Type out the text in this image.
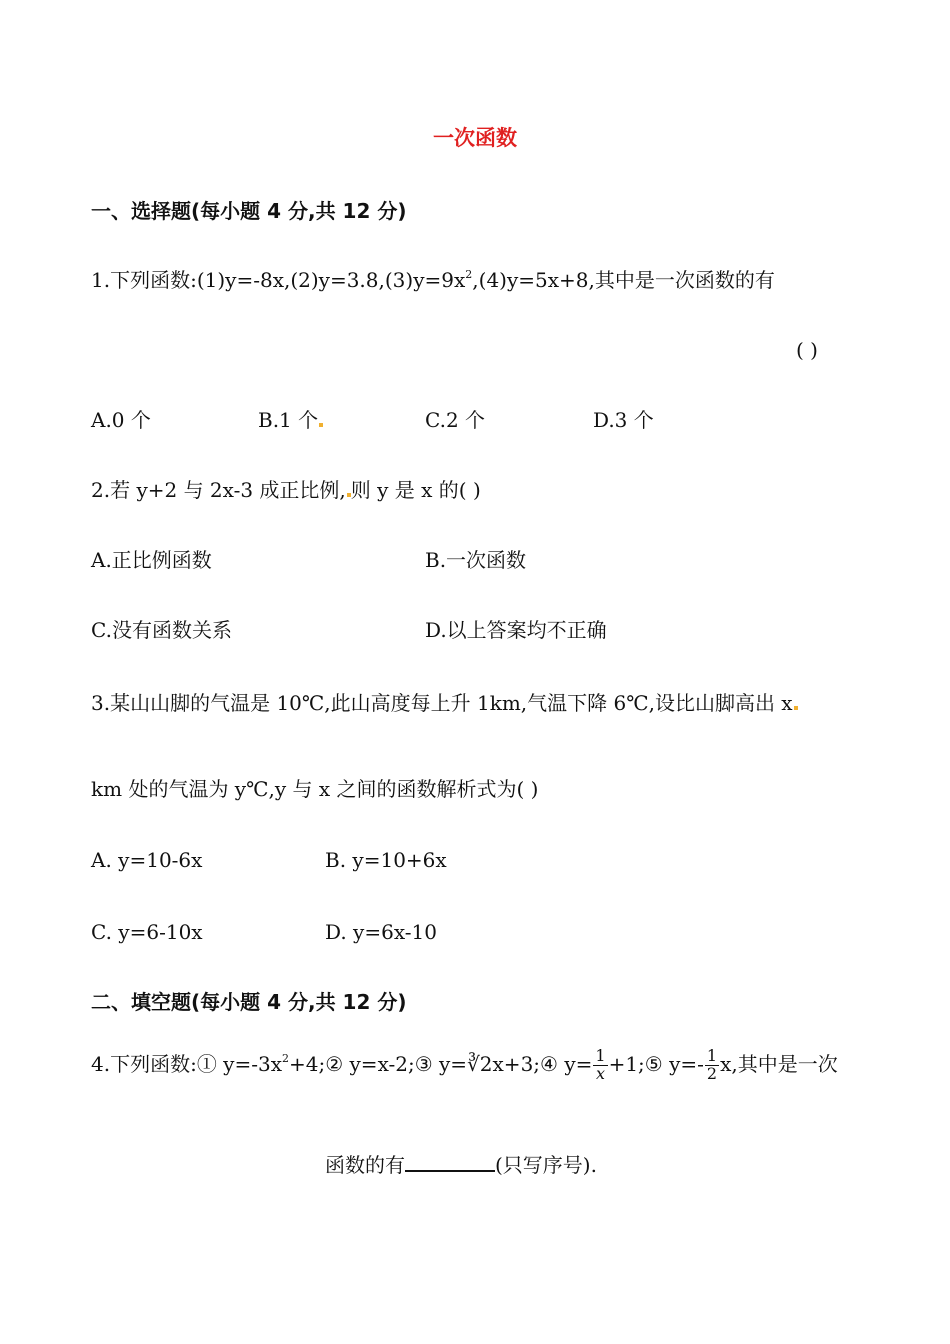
一次函数
一、选择题(每小题 4 分,共 12 分)
1.下列函数$:(1)y=-8x,(2)y=3.8,(3)y=9x^2,(4)y=5x+8$,其中是一次函数的有
( )
A.0 个	B.1 个	C.2 个	D.3 个
2.若 y+2 与 2x-3 成正比例, 则 y 是 x 的( )
A.正比例函数	B.一次函数
C.没有函数关系	D.以上答案均不正确
3.某山山脚的气温是 10℃,此山高度每上升 1km,气温下降 6℃,设比山脚高出 x
km 处的气温为 y℃,y 与 x 之间的函数解析式为( )
A. y=10-6x	B. y=10+6x
C. y=6-10x	D. y=6x-10
二、填空题(每小题 4 分,共 12 分)
4.下列函数:① $y=-3x^2+4;②$ y=x-2;③ y=∛2x+3;④ $y= \frac{1}{x}$ +1;⑤ $y=- \frac{1}{2} x$,其中是一次
函数的有	(只写序号).
